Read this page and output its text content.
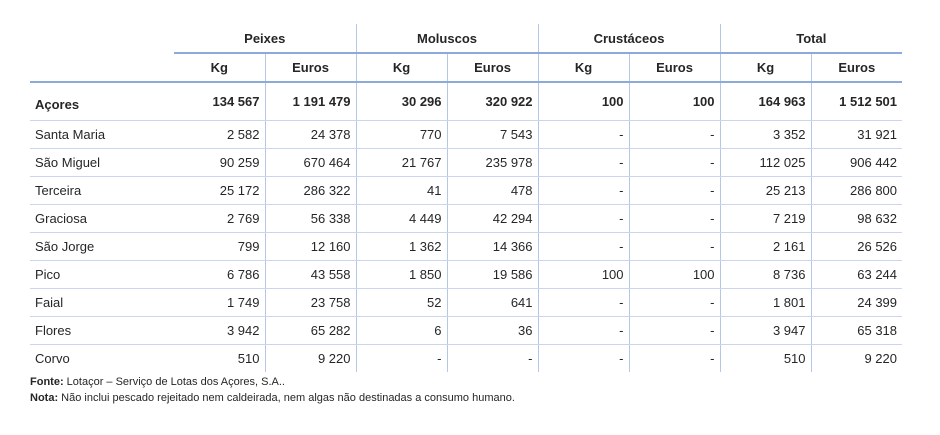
	Peixes		Moluscos		Crustáceos		Total	
	Kg	Euros	Kg	Euros	Kg	Euros	Kg	Euros
Açores	134 567	1 191 479	30 296	320 922	100	100	164 963	1 512 501
Santa Maria	2 582	24 378	770	7 543	-	-	3 352	31 921
São Miguel	90 259	670 464	21 767	235 978	-	-	112 025	906 442
Terceira	25 172	286 322	41	478	-	-	25 213	286 800
Graciosa	2 769	56 338	4 449	42 294	-	-	7 219	98 632
São Jorge	799	12 160	1 362	14 366	-	-	2 161	26 526
Pico	6 786	43 558	1 850	19 586	100	100	8 736	63 244
Faial	1 749	23 758	52	641	-	-	1 801	24 399
Flores	3 942	65 282	6	36	-	-	3 947	65 318
Corvo	510	9 220	-	-	-	-	510	9 220
Fonte: Lotaçor – Serviço de Lotas dos Açores, S.A..
Nota: Não inclui pescado rejeitado nem caldeirada, nem algas não destinadas a consumo humano.
